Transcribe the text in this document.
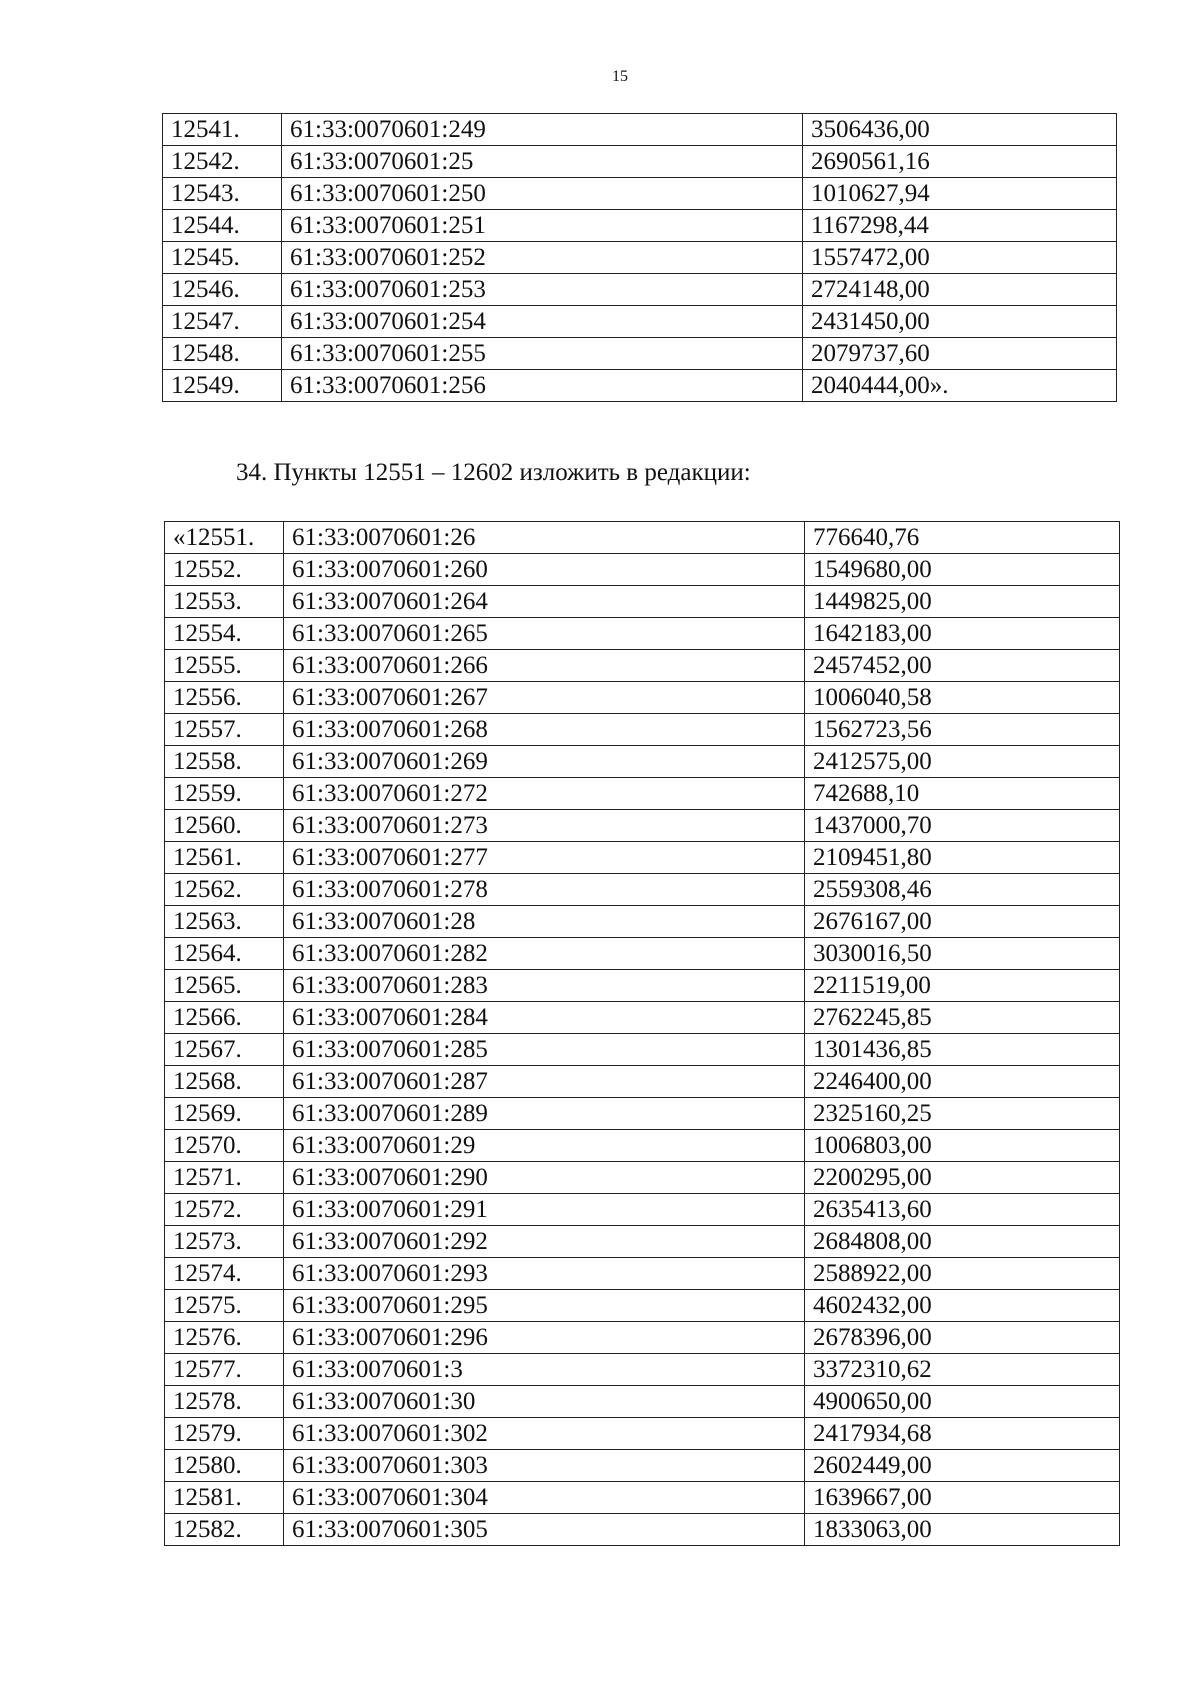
15
12541.	61:33:0070601:249	3506436,00
12542.	61:33:0070601:25	2690561,16
12543.	61:33:0070601:250	1010627,94
12544.	61:33:0070601:251	1167298,44
12545.	61:33:0070601:252	1557472,00
12546.	61:33:0070601:253	2724148,00
12547.	61:33:0070601:254	2431450,00
12548.	61:33:0070601:255	2079737,60
12549.	61:33:0070601:256	2040444,00».
34. Пункты 12551 – 12602 изложить в редакции:
«12551.	61:33:0070601:26	776640,76
12552.	61:33:0070601:260	1549680,00
12553.	61:33:0070601:264	1449825,00
12554.	61:33:0070601:265	1642183,00
12555.	61:33:0070601:266	2457452,00
12556.	61:33:0070601:267	1006040,58
12557.	61:33:0070601:268	1562723,56
12558.	61:33:0070601:269	2412575,00
12559.	61:33:0070601:272	742688,10
12560.	61:33:0070601:273	1437000,70
12561.	61:33:0070601:277	2109451,80
12562.	61:33:0070601:278	2559308,46
12563.	61:33:0070601:28	2676167,00
12564.	61:33:0070601:282	3030016,50
12565.	61:33:0070601:283	2211519,00
12566.	61:33:0070601:284	2762245,85
12567.	61:33:0070601:285	1301436,85
12568.	61:33:0070601:287	2246400,00
12569.	61:33:0070601:289	2325160,25
12570.	61:33:0070601:29	1006803,00
12571.	61:33:0070601:290	2200295,00
12572.	61:33:0070601:291	2635413,60
12573.	61:33:0070601:292	2684808,00
12574.	61:33:0070601:293	2588922,00
12575.	61:33:0070601:295	4602432,00
12576.	61:33:0070601:296	2678396,00
12577.	61:33:0070601:3	3372310,62
12578.	61:33:0070601:30	4900650,00
12579.	61:33:0070601:302	2417934,68
12580.	61:33:0070601:303	2602449,00
12581.	61:33:0070601:304	1639667,00
12582.	61:33:0070601:305	1833063,00
